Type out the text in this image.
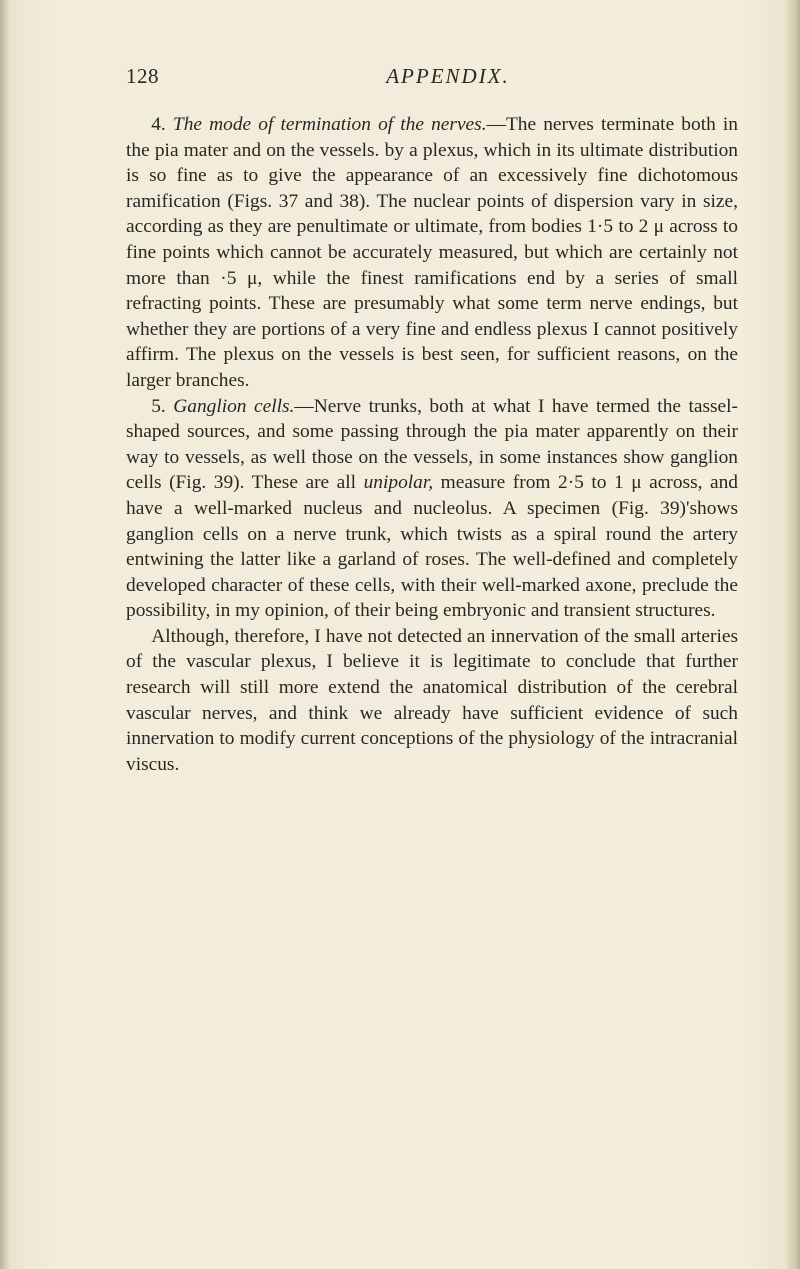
128	APPENDIX.

4. The mode of termination of the nerves.—The nerves terminate both in the pia mater and on the vessels. by a plexus, which in its ultimate distribution is so fine as to give the appearance of an excessively fine dichotomous ramification (Figs. 37 and 38). The nuclear points of dispersion vary in size, according as they are penultimate or ultimate, from bodies 1·5 to 2 μ across to fine points which cannot be accurately measured, but which are certainly not more than ·5 μ, while the finest ramifications end by a series of small refracting points. These are presumably what some term nerve endings, but whether they are portions of a very fine and endless plexus I cannot positively affirm. The plexus on the vessels is best seen, for sufficient reasons, on the larger branches.

5. Ganglion cells.—Nerve trunks, both at what I have termed the tassel-shaped sources, and some passing through the pia mater apparently on their way to vessels, as well those on the vessels, in some instances show ganglion cells (Fig. 39). These are all unipolar, measure from 2·5 to 1 μ across, and have a well-marked nucleus and nucleolus. A specimen (Fig. 39)'shows ganglion cells on a nerve trunk, which twists as a spiral round the artery entwining the latter like a garland of roses. The well-defined and completely developed character of these cells, with their well-marked axone, preclude the possibility, in my opinion, of their being embryonic and transient structures.

Although, therefore, I have not detected an innervation of the small arteries of the vascular plexus, I believe it is legitimate to conclude that further research will still more extend the anatomical distribution of the cerebral vascular nerves, and think we already have sufficient evidence of such innervation to modify current conceptions of the physiology of the intracranial viscus.
